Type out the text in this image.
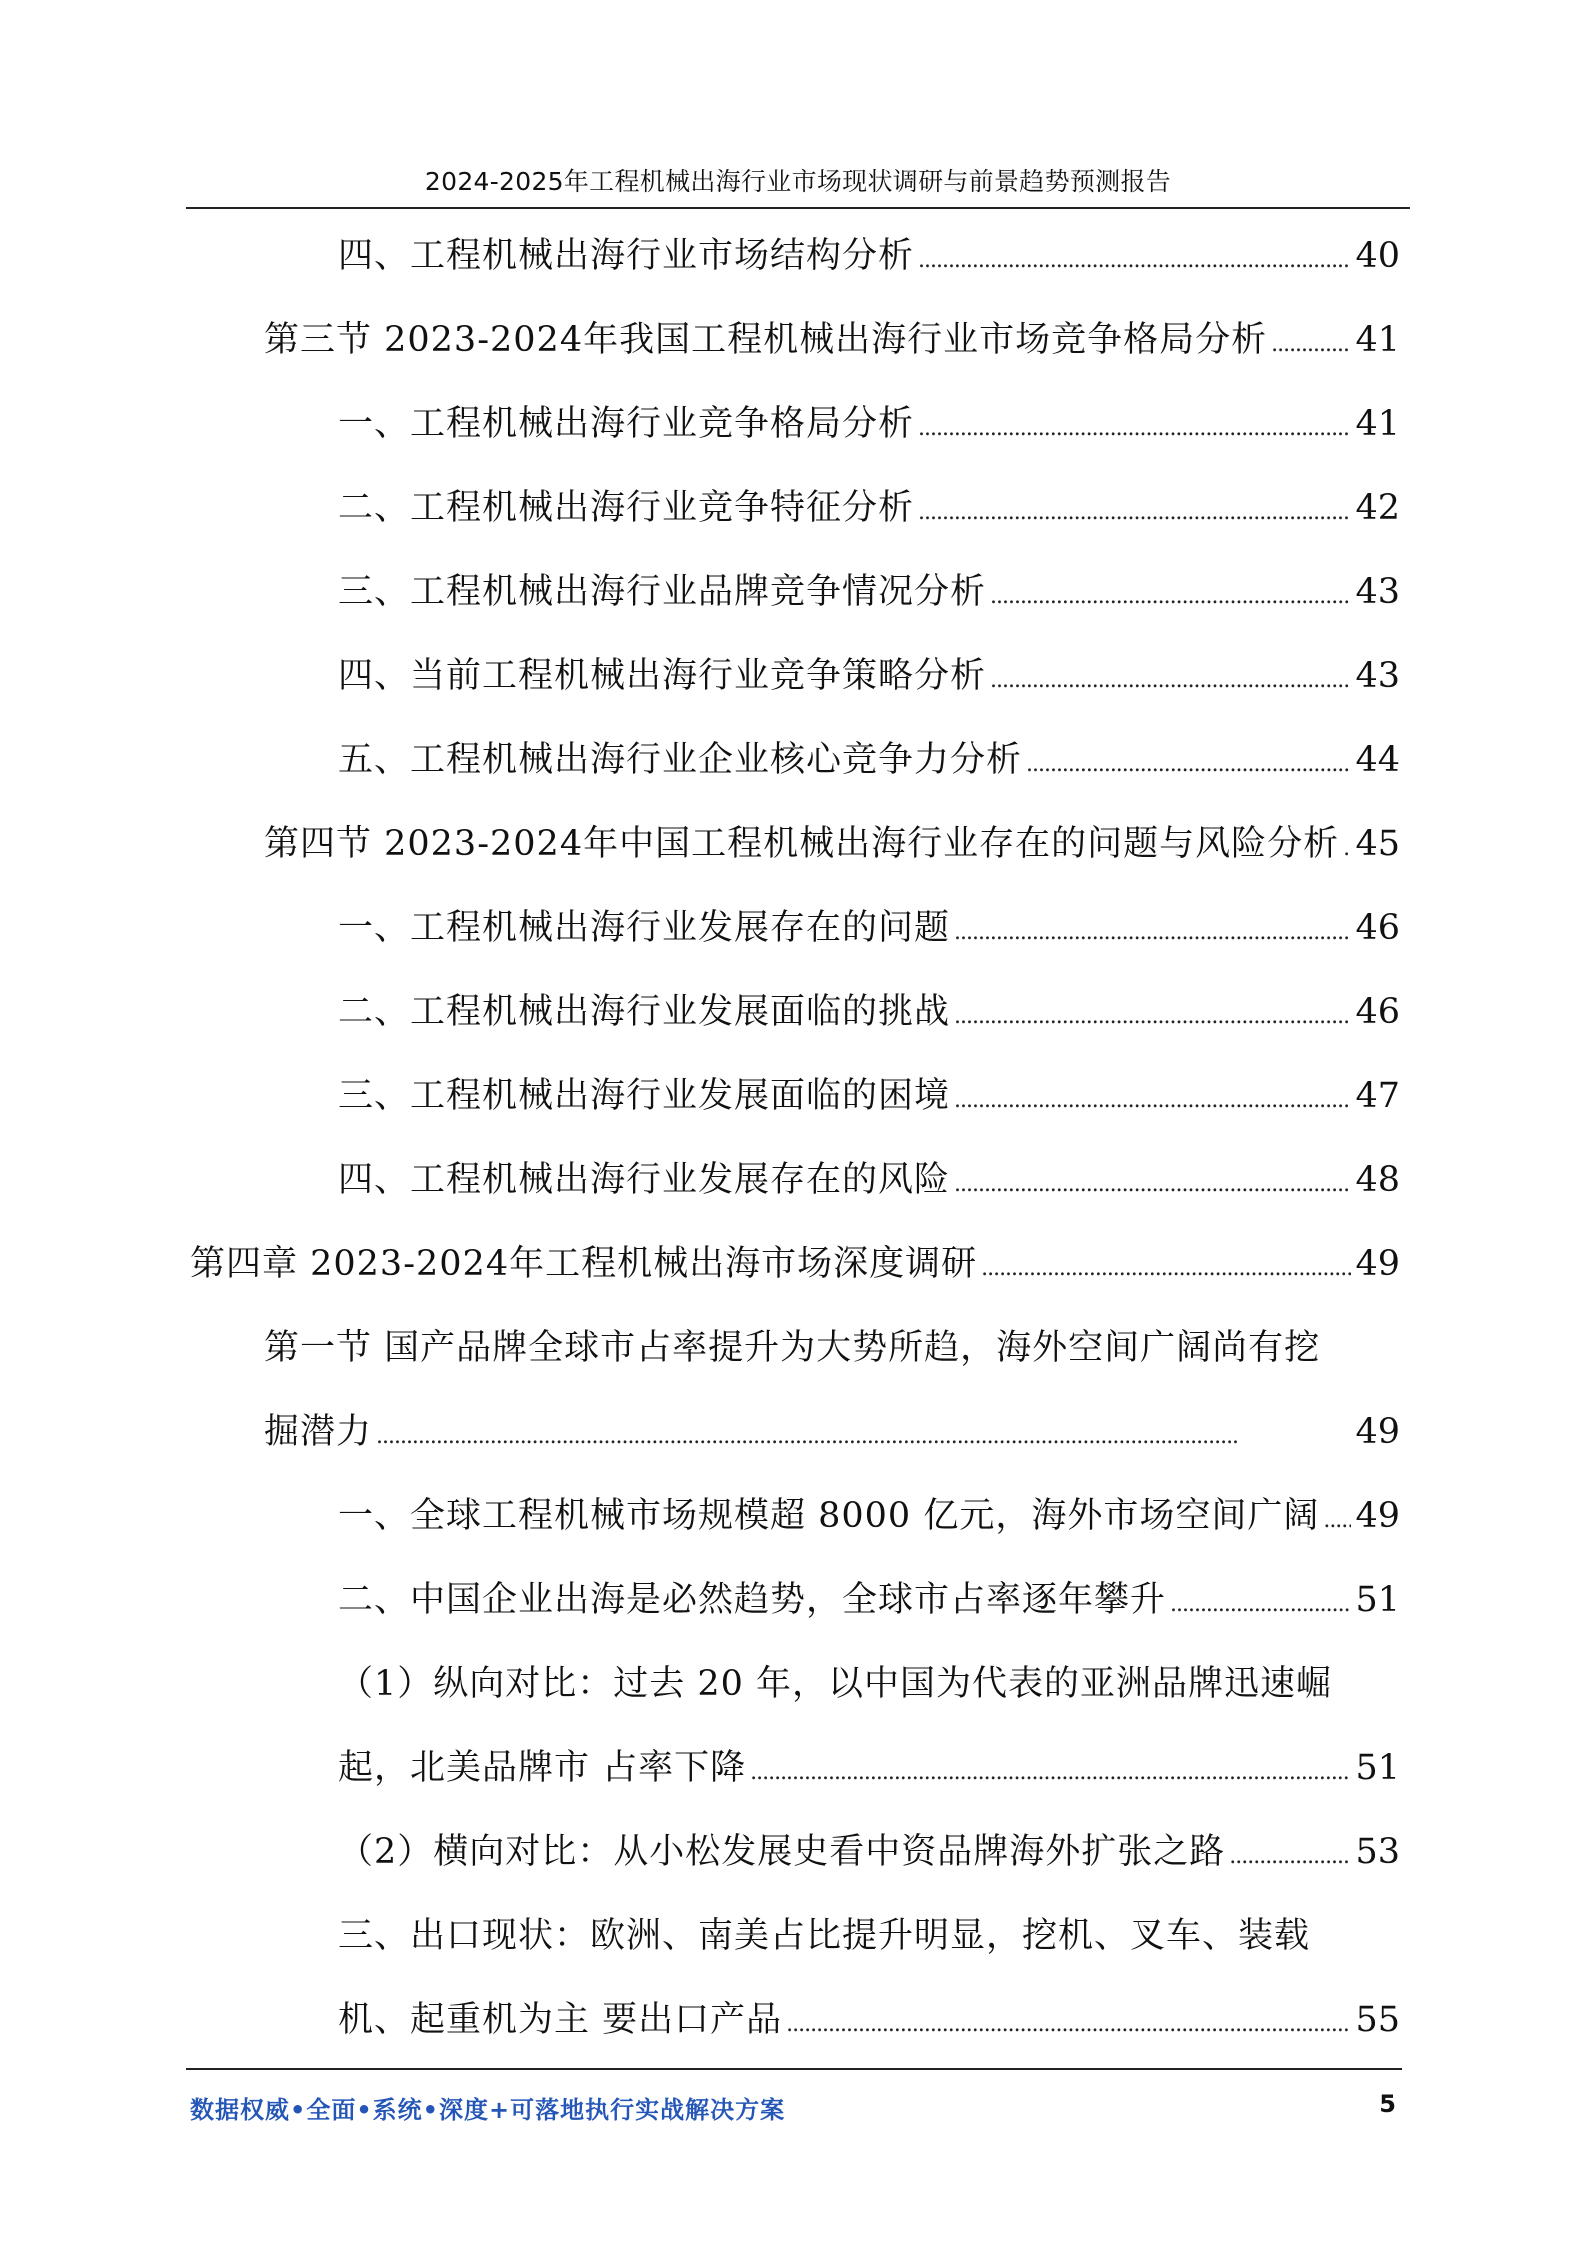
2024-2025年工程机械出海行业市场现状调研与前景趋势预测报告
四、工程机械出海行业市场结构分析 . . .	40
第三节 2023-2024年我国工程机械出海行业市场竞争格局分析 . . .	41
一、工程机械出海行业竞争格局分析 . . .	41
二、工程机械出海行业竞争特征分析 . . .	42
三、工程机械出海行业品牌竞争情况分析 . . .	43
四、当前工程机械出海行业竞争策略分析 . . .	43
五、工程机械出海行业企业核心竞争力分析 . . .	44
第四节 2023-2024年中国工程机械出海行业存在的问题与风险分析 . . . 45
一、工程机械出海行业发展存在的问题 . . .	46
二、工程机械出海行业发展面临的挑战 . . .	46
三、工程机械出海行业发展面临的困境 . . .	47
四、工程机械出海行业发展存在的风险 . . .	48
第四章 2023-2024年工程机械出海市场深度调研 . . .	49
第一节 国产品牌全球市占率提升为大势所趋，海外空间广阔尚有挖
掘潜力 . . .	49
一、全球工程机械市场规模超 8000 亿元，海外市场空间广阔 . . . 49
二、中国企业出海是必然趋势，全球市占率逐年攀升 . . .	51
（1）纵向对比：过去 20 年，以中国为代表的亚洲品牌迅速崛
起，北美品牌市 占率下降 . . .	51
（2）横向对比：从小松发展史看中资品牌海外扩张之路 . . .	53
三、出口现状：欧洲、南美占比提升明显，挖机、叉车、装载
机、起重机为主 要出口产品 . . .	55
数据权威•全面•系统•深度+可落地执行实战解决方案	5
